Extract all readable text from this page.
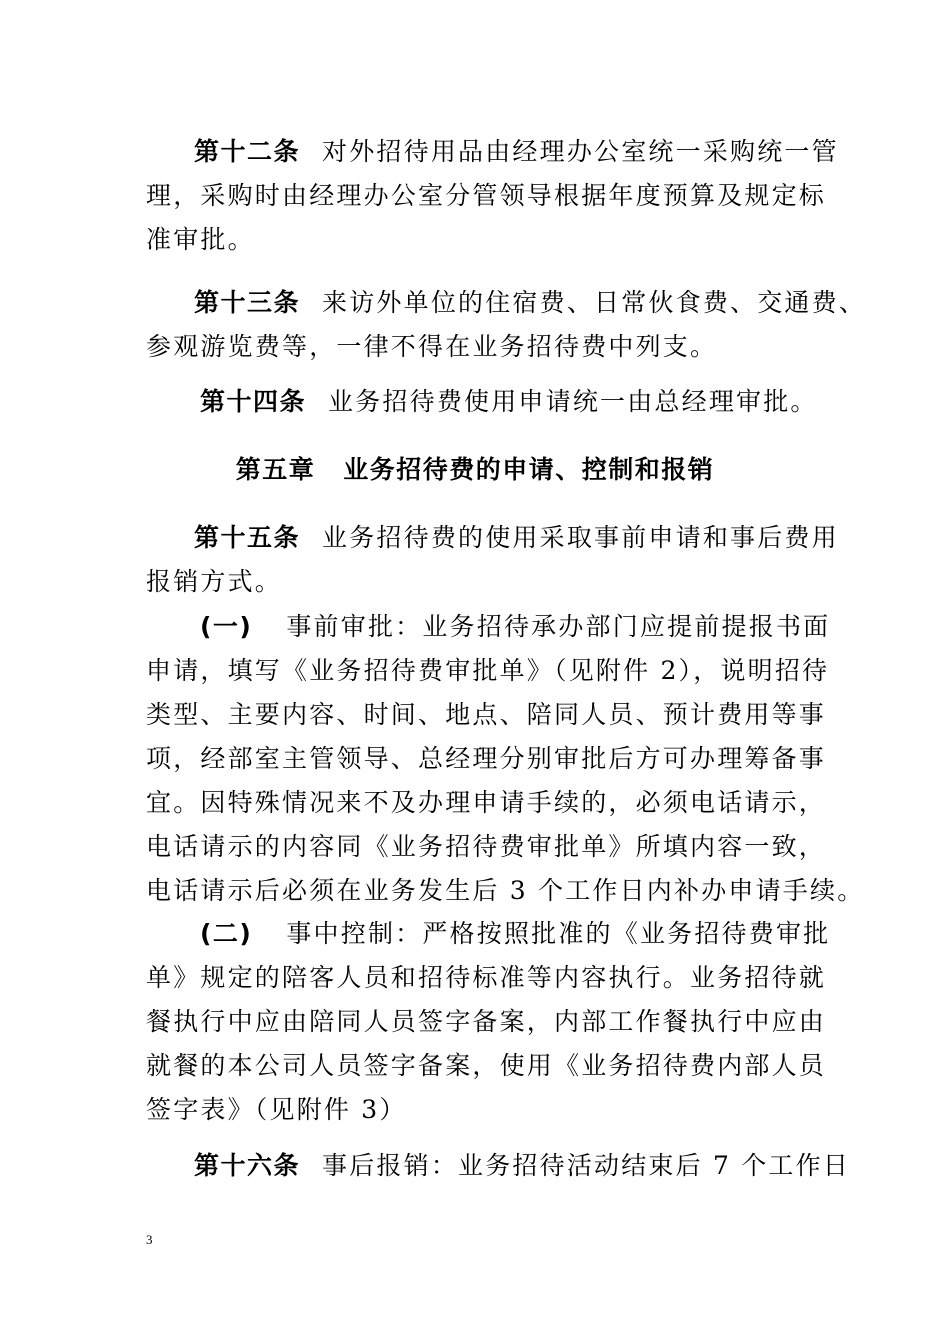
第十二条 对外招待用品由经理办公室统一采购统一管
理，采购时由经理办公室分管领导根据年度预算及规定标
准审批。
第十三条 来访外单位的住宿费、日常伙食费、交通费、
参观游览费等，一律不得在业务招待费中列支。
第十四条 业务招待费使用申请统一由总经理审批。
第五章 业务招待费的申请、控制和报销
第十五条 业务招待费的使用采取事前申请和事后费用
报销方式。
(一) 事前审批：业务招待承办部门应提前提报书面
申请，填写《业务招待费审批单》（见附件 2），说明招待
类型、主要内容、时间、地点、陪同人员、预计费用等事
项，经部室主管领导、总经理分别审批后方可办理筹备事
宜。因特殊情况来不及办理申请手续的，必须电话请示，
电话请示的内容同《业务招待费审批单》所填内容一致，
电话请示后必须在业务发生后 3 个工作日内补办申请手续。
(二) 事中控制：严格按照批准的《业务招待费审批
单》规定的陪客人员和招待标准等内容执行。业务招待就
餐执行中应由陪同人员签字备案，内部工作餐执行中应由
就餐的本公司人员签字备案，使用《业务招待费内部人员
签字表》（见附件 3）
第十六条 事后报销：业务招待活动结束后 7 个工作日
3
